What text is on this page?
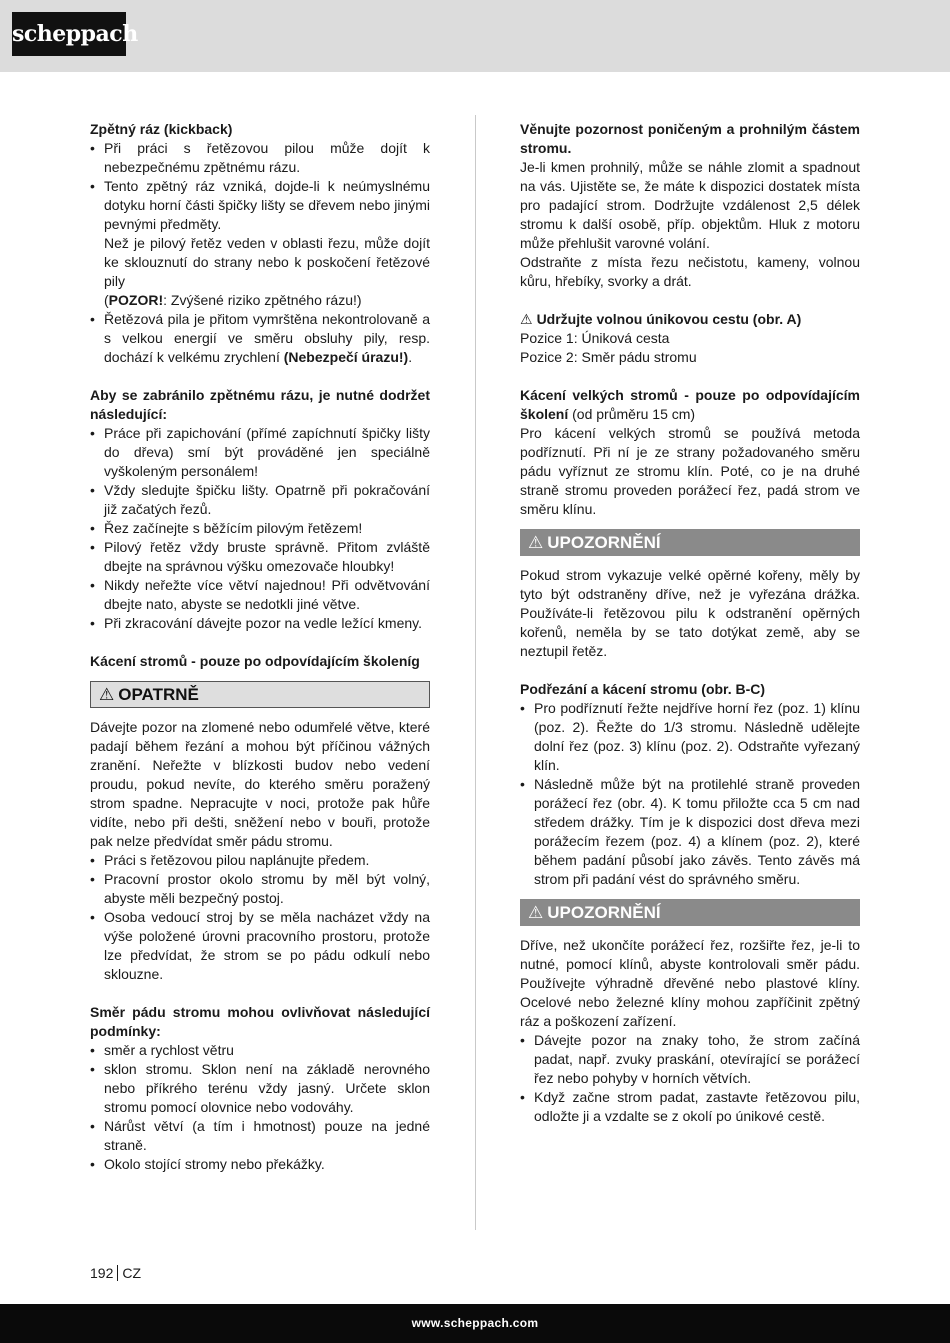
scheppach

Zpětný ráz (kickback)

• Při práci s řetězovou pilou může dojít k nebezpečnému zpětnému rázu.
• Tento zpětný ráz vzniká, dojde-li k neúmyslnému dotyku horní části špičky lišty se dřevem nebo jinými pevnými předměty.
Než je pilový řetěz veden v oblasti řezu, může dojít ke sklouznutí do strany nebo k poskočení řetězové pily
(POZOR!: Zvýšené riziko zpětného rázu!)
• Řetězová pila je přitom vymrštěna nekontrolovaně a s velkou energií ve směru obsluhy pily, resp. dochází k velkému zrychlení (Nebezpečí úrazu!).

Aby se zabránilo zpětnému rázu, je nutné dodržet následující:

• Práce při zapichování (přímé zapíchnutí špičky lišty do dřeva) smí být prováděné jen speciálně vyškoleným personálem!
• Vždy sledujte špičku lišty. Opatrně při pokračování již začatých řezů.
• Řez začínejte s běžícím pilovým řetězem!
• Pilový řetěz vždy bruste správně. Přitom zvláště dbejte na správnou výšku omezovače hloubky!
• Nikdy neřežte více větví najednou! Při odvětvování dbejte nato, abyste se nedotkli jiné větve.
• Při zkracování dávejte pozor na vedle ležící kmeny.

Kácení stromů - pouze po odpovídajícím školeníg

⚠ OPATRNĚ

Dávejte pozor na zlomené nebo odumřelé větve, které padají během řezání a mohou být příčinou vážných zranění. Neřežte v blízkosti budov nebo vedení proudu, pokud nevíte, do kterého směru poražený strom spadne. Nepracujte v noci, protože pak hůře vidíte, nebo při dešti, sněžení nebo v bouři, protože pak nelze předvídat směr pádu stromu.

• Práci s řetězovou pilou naplánujte předem.
• Pracovní prostor okolo stromu by měl být volný, abyste měli bezpečný postoj.
• Osoba vedoucí stroj by se měla nacházet vždy na výše položené úrovni pracovního prostoru, protože lze předvídat, že strom se po pádu odkulí nebo sklouzne.

Směr pádu stromu mohou ovlivňovat následující podmínky:

• směr a rychlost větru
• sklon stromu. Sklon není na základě nerovného nebo příkrého terénu vždy jasný. Určete sklon stromu pomocí olovnice nebo vodováhy.
• Nárůst větví (a tím i hmotnost) pouze na jedné straně.
• Okolo stojící stromy nebo překážky.

Věnujte pozornost poničeným a prohnilým částem stromu.

Je-li kmen prohnilý, může se náhle zlomit a spadnout na vás. Ujistěte se, že máte k dispozici dostatek místa pro padající strom. Dodržujte vzdálenost 2,5 délek stromu k další osobě, příp. objektům. Hluk z motoru může přehlušit varovné volání.

Odstraňte z místa řezu nečistotu, kameny, volnou kůru, hřebíky, svorky a drát.

⚠ Udržujte volnou únikovou cestu (obr. A)

Pozice 1: Úniková cesta

Pozice 2: Směr pádu stromu

Kácení velkých stromů - pouze po odpovídajícím školení (od průměru 15 cm)

Pro kácení velkých stromů se používá metoda podříznutí. Při ní je ze strany požadovaného směru pádu vyříznut ze stromu klín. Poté, co je na druhé straně stromu proveden porážecí řez, padá strom ve směru klínu.

⚠ UPOZORNĚNÍ

Pokud strom vykazuje velké opěrné kořeny, měly by tyto být odstraněny dříve, než je vyřezána drážka. Používáte-li řetězovou pilu k odstranění opěrných kořenů, neměla by se tato dotýkat země, aby se neztupil řetěz.

Podřezání a kácení stromu (obr. B-C)

• Pro podříznutí řežte nejdříve horní řez (poz. 1) klínu (poz. 2). Řežte do 1/3 stromu. Následně udělejte dolní řez (poz. 3) klínu (poz. 2). Odstraňte vyřezaný klín.
• Následně může být na protilehlé straně proveden porážecí řez (obr. 4). K tomu přiložte cca 5 cm nad středem drážky. Tím je k dispozici dost dřeva mezi porážecím řezem (poz. 4) a klínem (poz. 2), které během padání působí jako závěs. Tento závěs má strom při padání vést do správného směru.
⚠ UPOZORNĚNÍ

Dříve, než ukončíte porážecí řez, rozšiřte řez, je-li to nutné, pomocí klínů, abyste kontrolovali směr pádu. Používejte výhradně dřevěné nebo plastové klíny. Ocelové nebo železné klíny mohou zapříčinit zpětný ráz a poškození zařízení.

• Dávejte pozor na znaky toho, že strom začíná padat, např. zvuky praskání, otevírající se porážecí řez nebo pohyby v horních větvích.
• Když začne strom padat, zastavte řetězovou pilu, odložte ji a vzdalte se z okolí po únikové cestě.
192 CZ
www.scheppach.com
